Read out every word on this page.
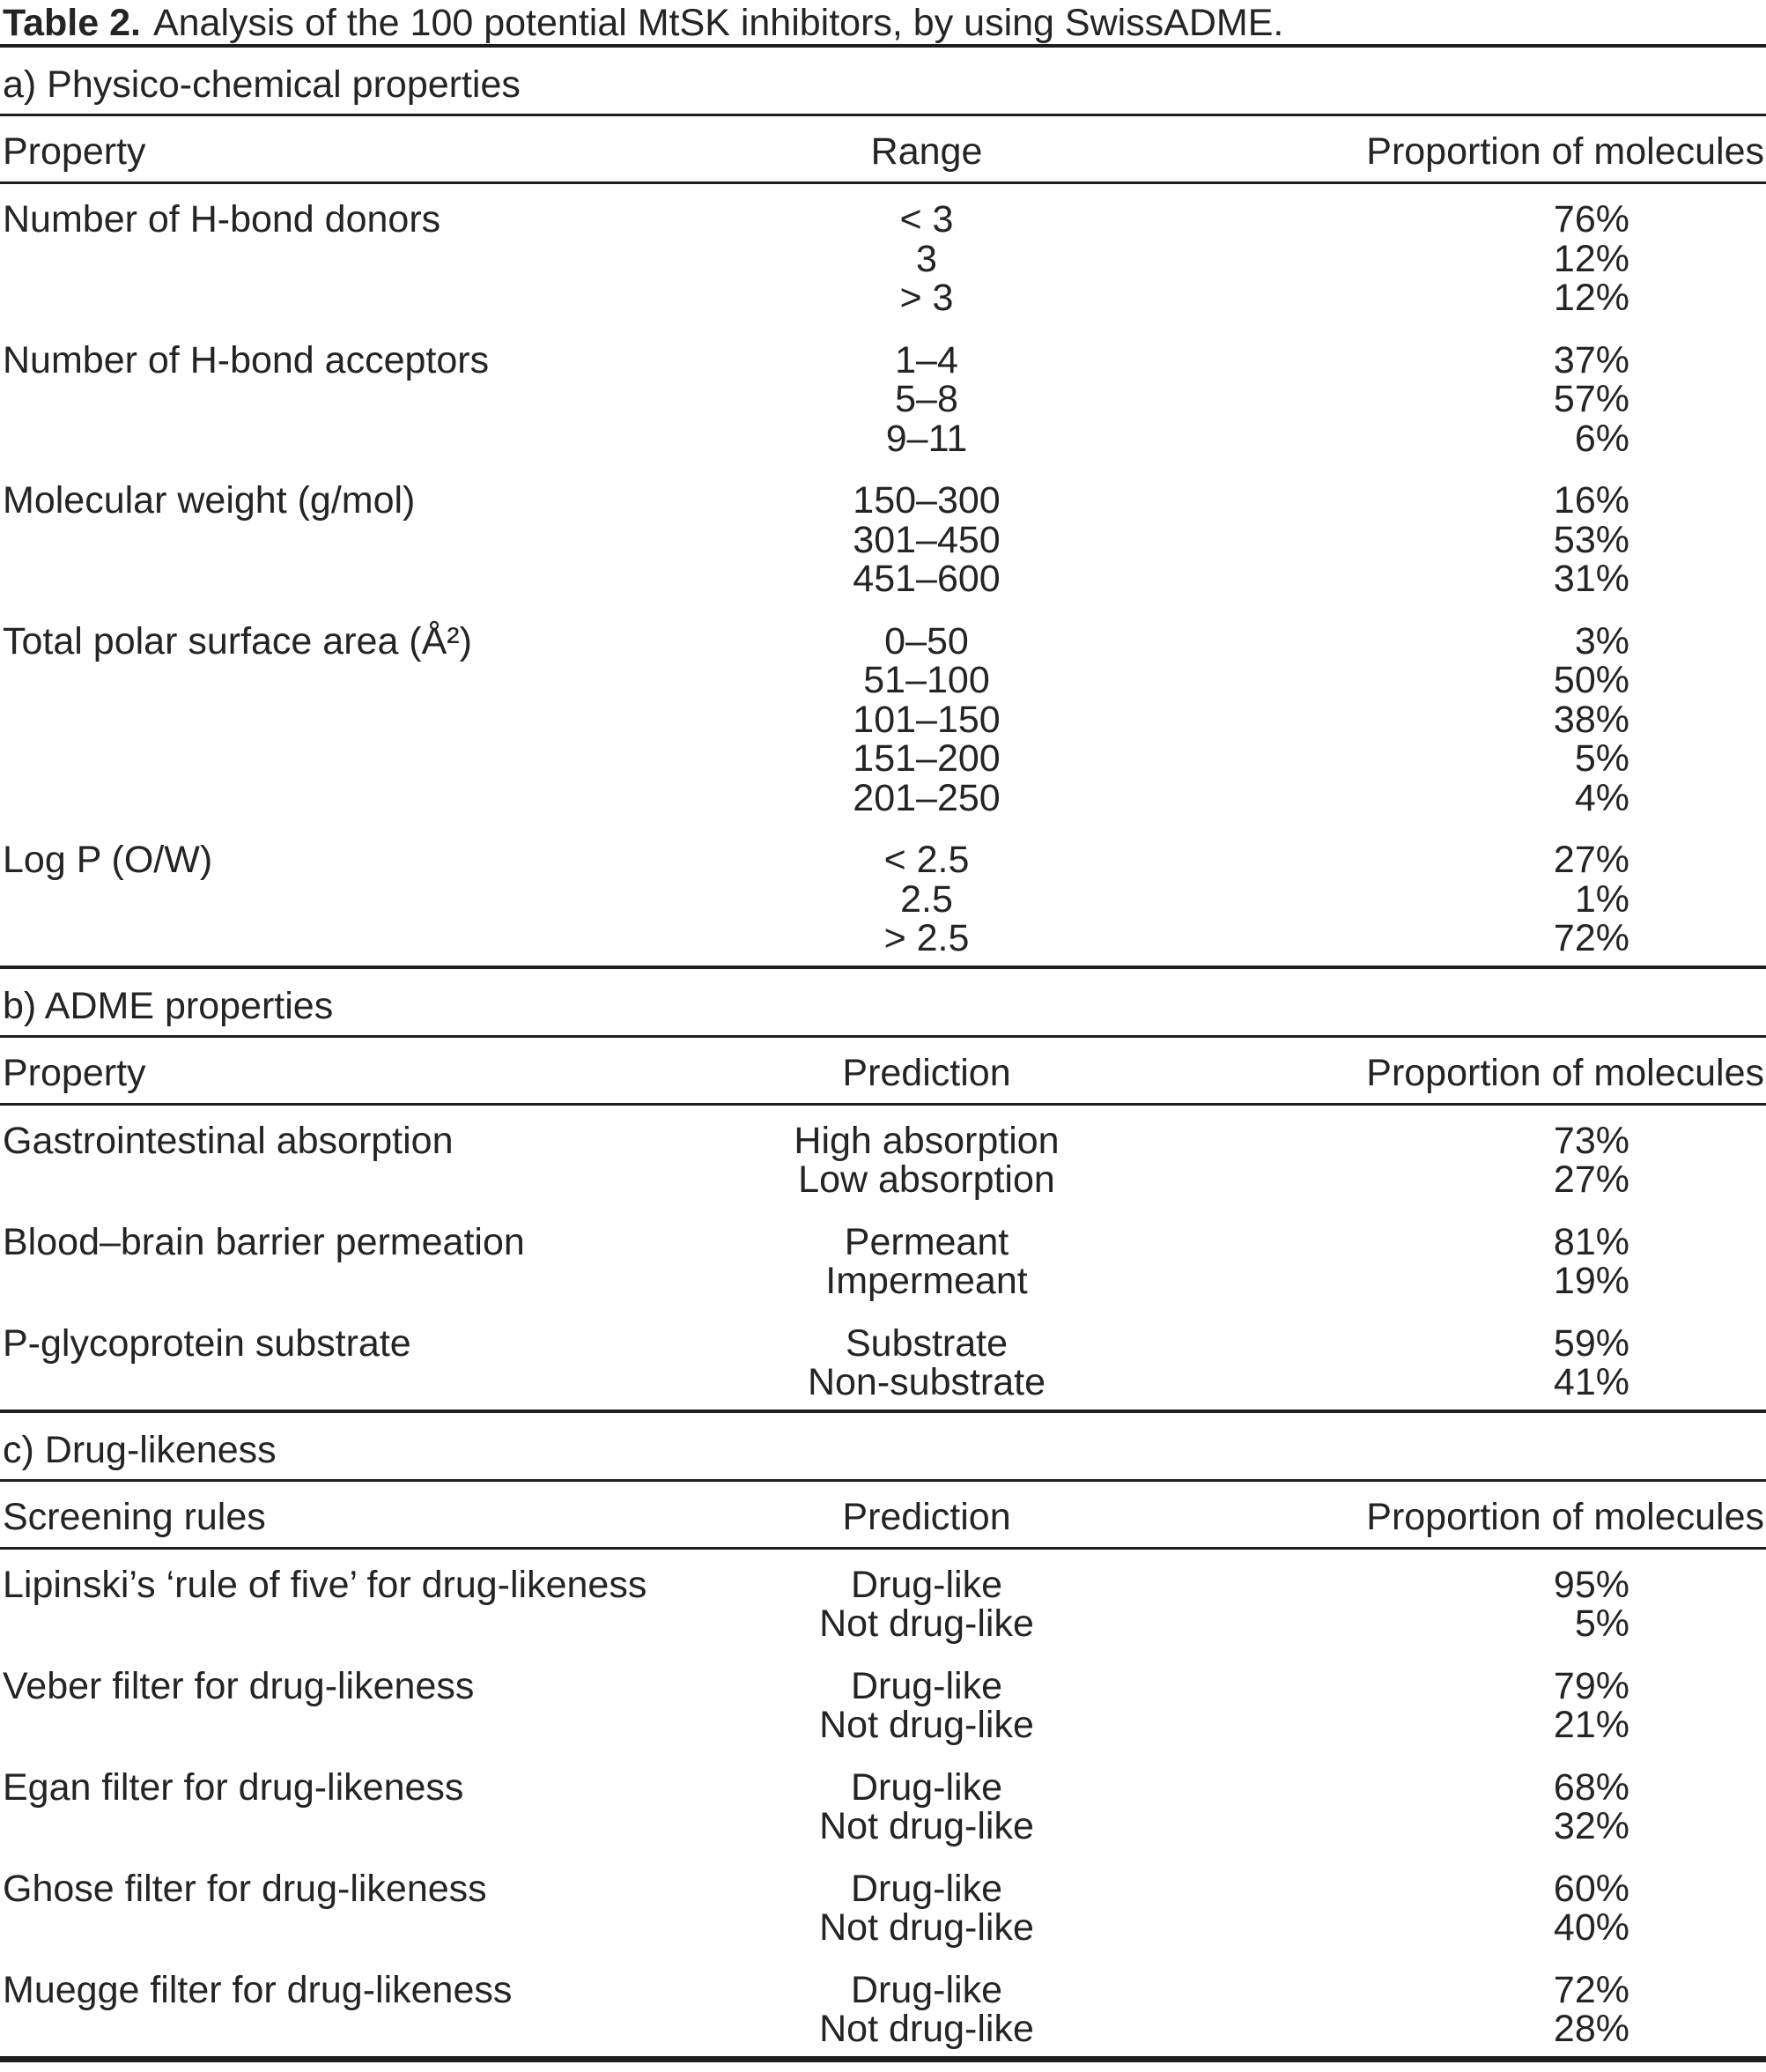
Table 2. Analysis of the 100 potential MtSK inhibitors, by using SwissADME.
a) Physico-chemical properties
Property	Range	Proportion of molecules
Number of H-bond donors	< 3	76%
3	12%
> 3	12%
Number of H-bond acceptors	1–4	37%
5–8	57%
9–11	6%
Molecular weight (g/mol)	150–300	16%
301–450	53%
451–600	31%
Total polar surface area (Å²)	0–50	3%
51–100	50%
101–150	38%
151–200	5%
201–250	4%
Log P (O/W)	< 2.5	27%
2.5	1%
> 2.5	72%
b) ADME properties
Property	Prediction	Proportion of molecules
Gastrointestinal absorption	High absorption	73%
Low absorption	27%
Blood–brain barrier permeation	Permeant	81%
Impermeant	19%
P-glycoprotein substrate	Substrate	59%
Non-substrate	41%
c) Drug-likeness
Screening rules	Prediction	Proportion of molecules
Lipinski’s ‘rule of five’ for drug-likeness	Drug-like	95%
Not drug-like	5%
Veber filter for drug-likeness	Drug-like	79%
Not drug-like	21%
Egan filter for drug-likeness	Drug-like	68%
Not drug-like	32%
Ghose filter for drug-likeness	Drug-like	60%
Not drug-like	40%
Muegge filter for drug-likeness	Drug-like	72%
Not drug-like	28%
